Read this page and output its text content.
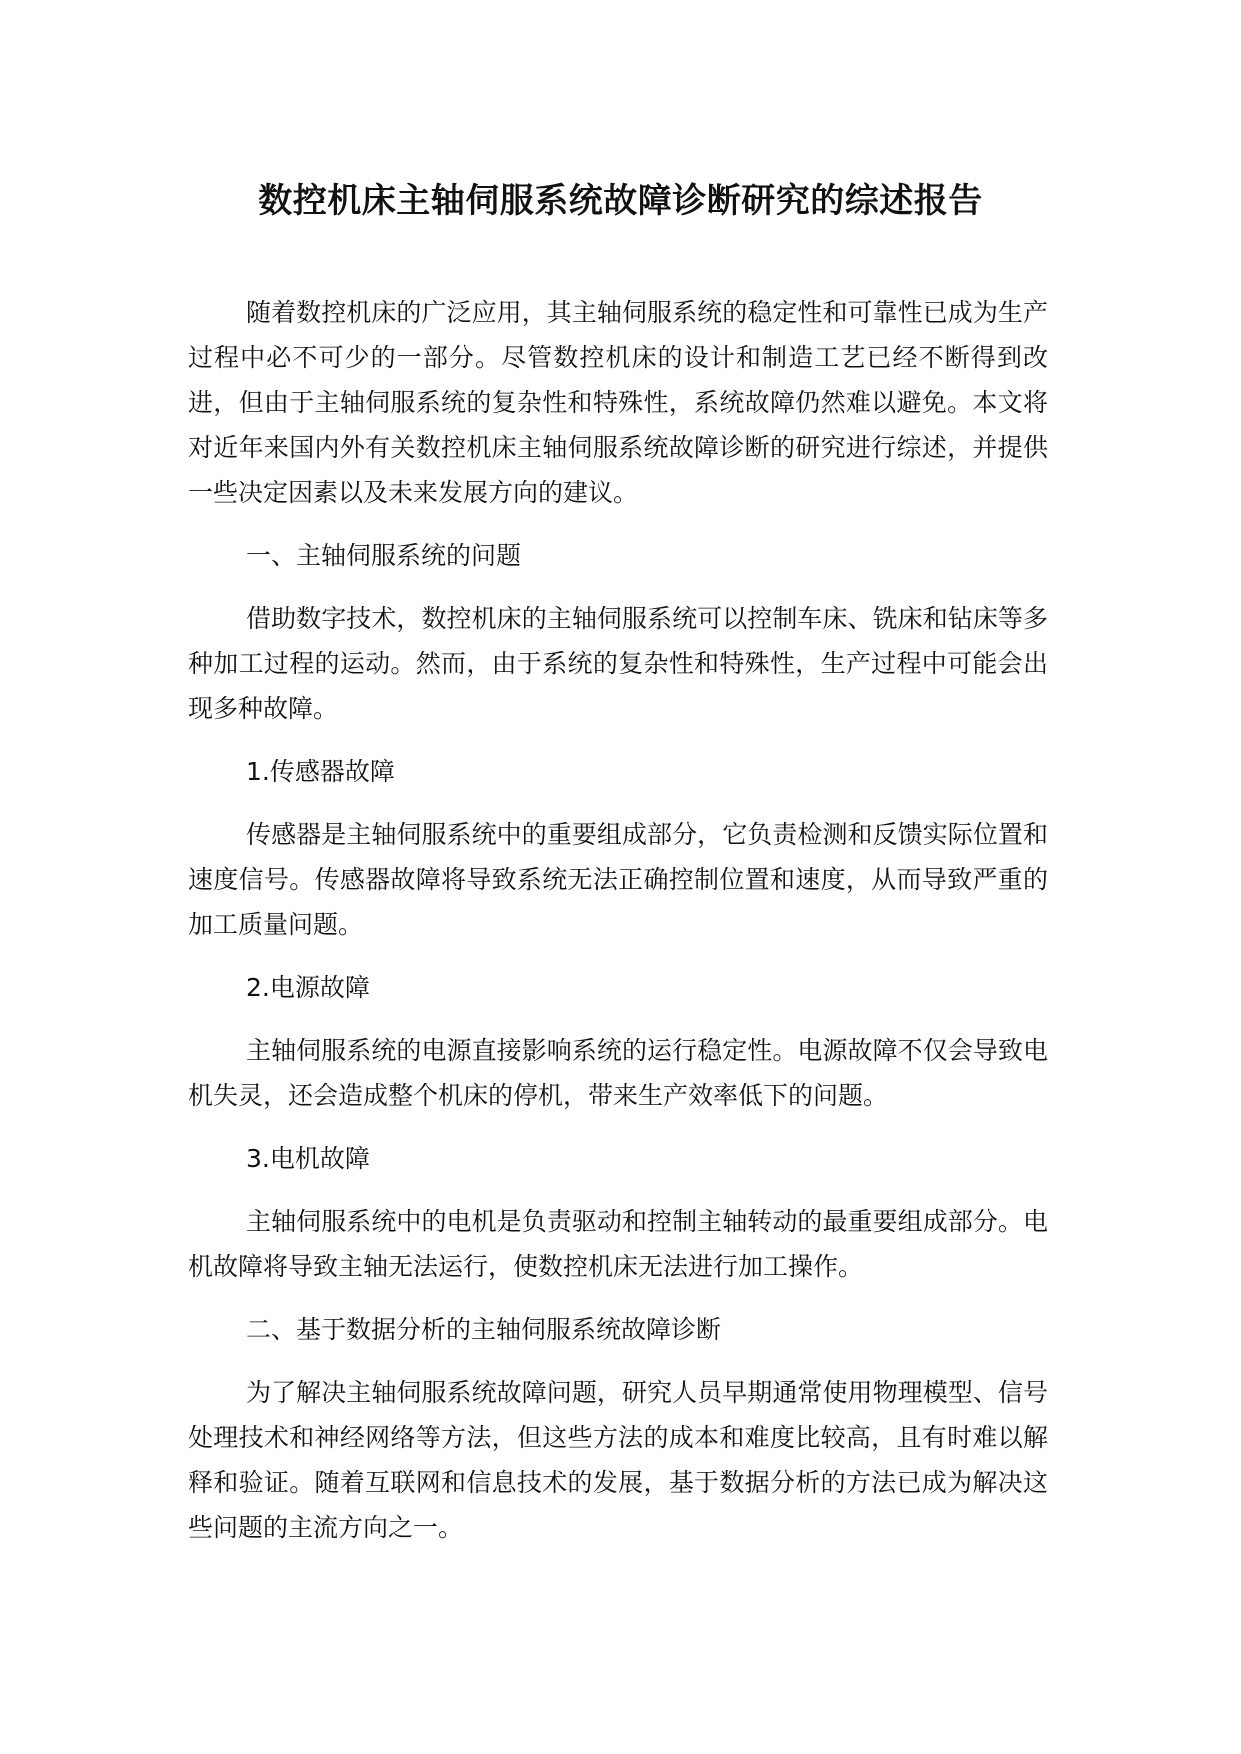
数控机床主轴伺服系统故障诊断研究的综述报告

随着数控机床的广泛应用，其主轴伺服系统的稳定性和可靠性已成为生产过程中必不可少的一部分。尽管数控机床的设计和制造工艺已经不断得到改进，但由于主轴伺服系统的复杂性和特殊性，系统故障仍然难以避免。本文将对近年来国内外有关数控机床主轴伺服系统故障诊断的研究进行综述，并提供一些决定因素以及未来发展方向的建议。

一、主轴伺服系统的问题

借助数字技术，数控机床的主轴伺服系统可以控制车床、铣床和钻床等多种加工过程的运动。然而，由于系统的复杂性和特殊性，生产过程中可能会出现多种故障。

1.传感器故障

传感器是主轴伺服系统中的重要组成部分，它负责检测和反馈实际位置和速度信号。传感器故障将导致系统无法正确控制位置和速度，从而导致严重的加工质量问题。

2.电源故障

主轴伺服系统的电源直接影响系统的运行稳定性。电源故障不仅会导致电机失灵，还会造成整个机床的停机，带来生产效率低下的问题。

3.电机故障

主轴伺服系统中的电机是负责驱动和控制主轴转动的最重要组成部分。电机故障将导致主轴无法运行，使数控机床无法进行加工操作。

二、基于数据分析的主轴伺服系统故障诊断

为了解决主轴伺服系统故障问题，研究人员早期通常使用物理模型、信号处理技术和神经网络等方法，但这些方法的成本和难度比较高，且有时难以解释和验证。随着互联网和信息技术的发展，基于数据分析的方法已成为解决这些问题的主流方向之一。
